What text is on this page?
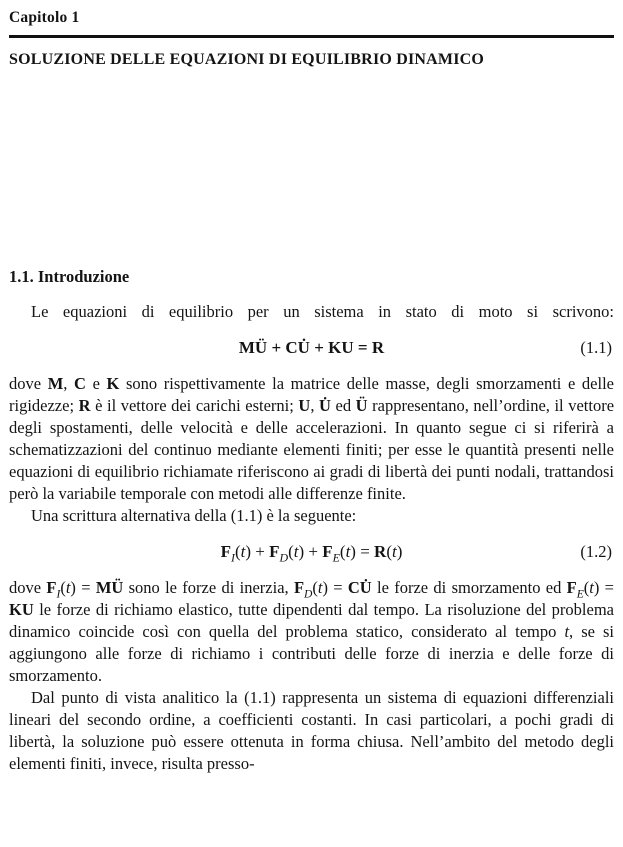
Capitolo 1
SOLUZIONE DELLE EQUAZIONI DI EQUILIBRIO DINAMICO
1.1. Introduzione

Le equazioni di equilibrio per un sistema in stato di moto si scrivono:

MÜ + CU̇ + KU = R	(1.1)

dove M, C e K sono rispettivamente la matrice delle masse, degli smorzamenti e delle rigidezze; R è il vettore dei carichi esterni; U, U̇ ed Ü rappresentano, nell’ordine, il vettore degli spostamenti, delle velocità e delle accelerazioni. In quanto segue ci si riferirà a schematizzazioni del continuo mediante elementi finiti; per esse le quantità presenti nelle equazioni di equilibrio richiamate riferiscono ai gradi di libertà dei punti nodali, trattandosi però la variabile temporale con metodi alle differenze finite.

Una scrittura alternativa della (1.1) è la seguente:

$F_I(t) + F_D(t) + F_E(t) = R(t)$	(1.2)

dove $F_I(t)$ = MÜ sono le forze di inerzia, $F_D(t)$ = CU̇ le forze di smorzamento ed $F_E(t)$ = KU le forze di richiamo elastico, tutte dipendenti dal tempo. La risoluzione del problema dinamico coincide così con quella del problema statico, considerato al tempo t, se si aggiungono alle forze di richiamo i contributi delle forze di inerzia e delle forze di smorzamento.

Dal punto di vista analitico la (1.1) rappresenta un sistema di equazioni differenziali lineari del secondo ordine, a coefficienti costanti. In casi particolari, a pochi gradi di libertà, la soluzione può essere ottenuta in forma chiusa. Nell’ambito del metodo degli elementi finiti, invece, risulta presso-
